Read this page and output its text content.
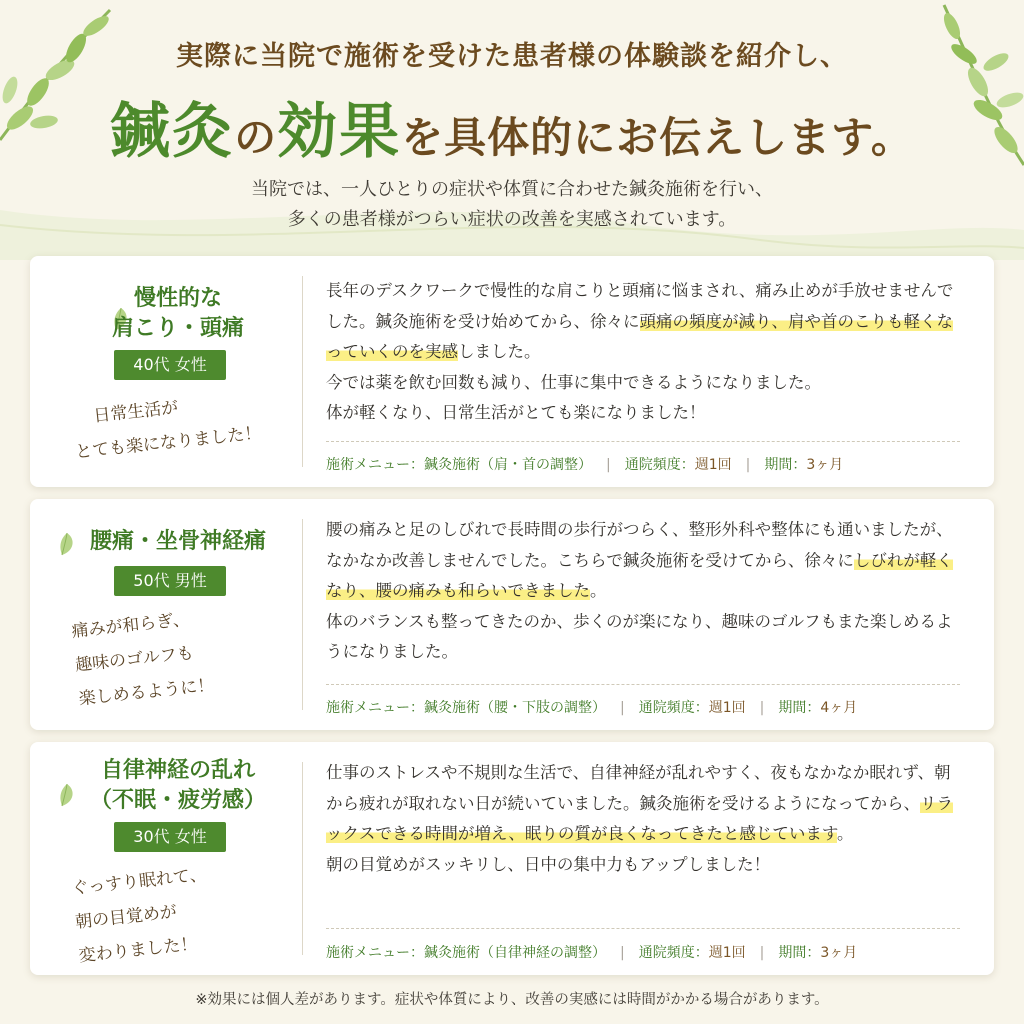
実際に当院で施術を受けた患者様の体験談を紹介し、
鍼灸の効果を具体的にお伝えします。
当院では、一人ひとりの症状や体質に合わせた鍼灸施術を行い、
多くの患者様がつらい症状の改善を実感されています。
慢性的な
肩こり・頭痛
40代 女性
日常生活が
とても楽になりました！
長年のデスクワークで慢性的な肩こりと頭痛に悩まされ、痛み止めが手放せませんでした。鍼灸施術を受け始めてから、徐々に頭痛の頻度が減り、肩や首のこりも軽くなっていくのを実感しました。
今では薬を飲む回数も減り、仕事に集中できるようになりました。
体が軽くなり、日常生活がとても楽になりました！
施術メニュー：鍼灸施術（肩・首の調整） | 通院頻度：週1回 | 期間：3ヶ月
腰痛・坐骨神経痛
50代 男性
痛みが和らぎ、
趣味のゴルフも
楽しめるように！
腰の痛みと足のしびれで長時間の歩行がつらく、整形外科や整体にも通いましたが、なかなか改善しませんでした。こちらで鍼灸施術を受けてから、徐々にしびれが軽くなり、腰の痛みも和らいできました。
体のバランスも整ってきたのか、歩くのが楽になり、趣味のゴルフもまた楽しめるようになりました。
施術メニュー：鍼灸施術（腰・下肢の調整） | 通院頻度：週1回 | 期間：4ヶ月
自律神経の乱れ
（不眠・疲労感）
30代 女性
ぐっすり眠れて、
朝の目覚めが
変わりました！
仕事のストレスや不規則な生活で、自律神経が乱れやすく、夜もなかなか眠れず、朝から疲れが取れない日が続いていました。鍼灸施術を受けるようになってから、リラックスできる時間が増え、眠りの質が良くなってきたと感じています。
朝の目覚めがスッキリし、日中の集中力もアップしました！
施術メニュー：鍼灸施術（自律神経の調整） | 通院頻度：週1回 | 期間：3ヶ月
※効果には個人差があります。症状や体質により、改善の実感には時間がかかる場合があります。
